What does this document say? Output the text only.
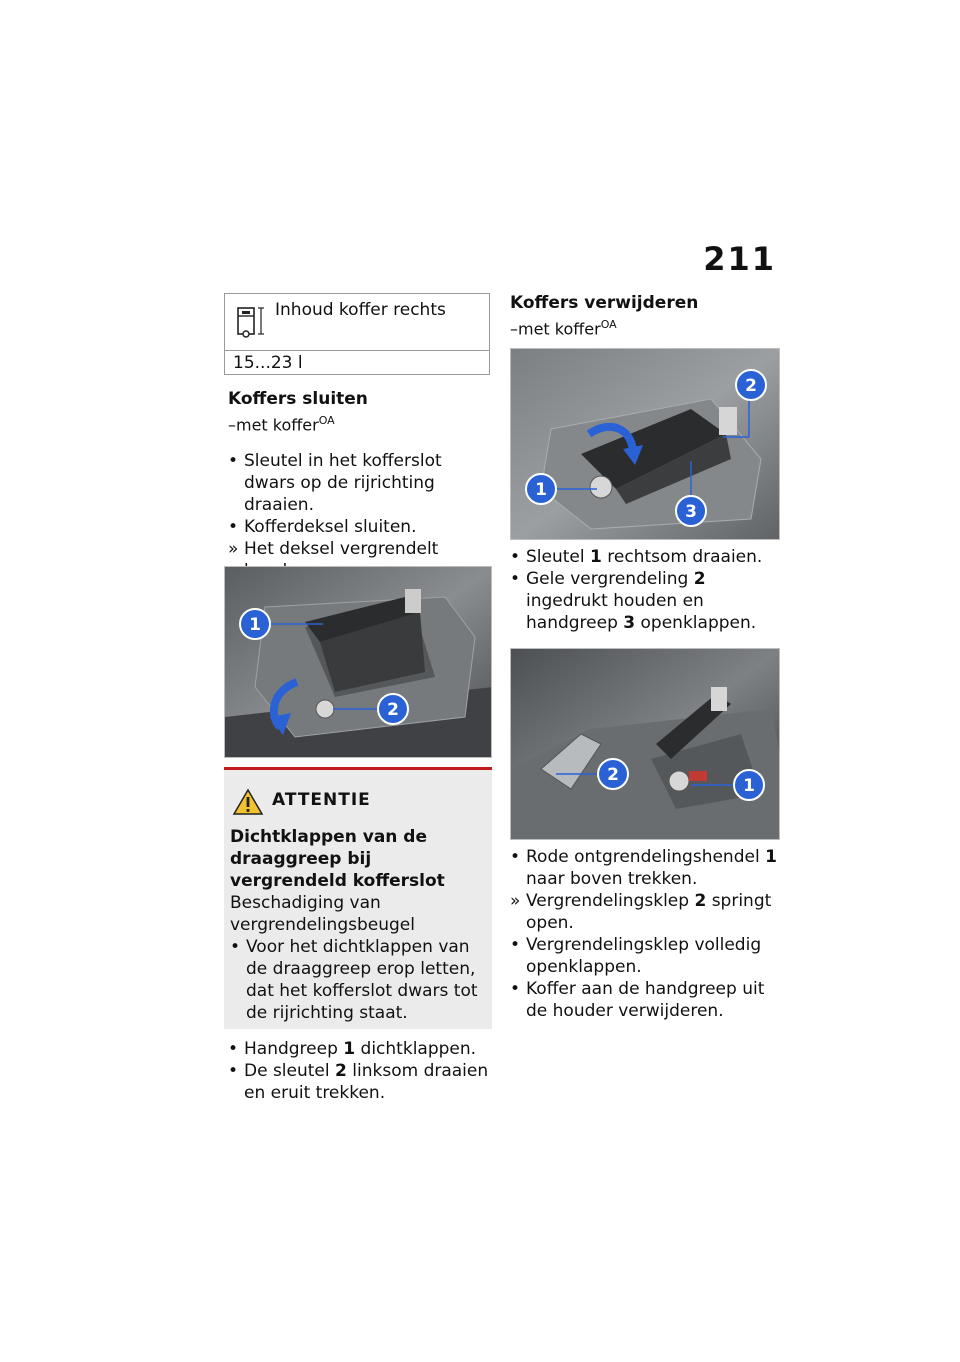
211
Inhoud koffer rechts
15...23 l
Koffers sluiten
–met koffer$^{OA}$

• Sleutel in het kofferslot dwars op de rijrichting draaien.

• Kofferdeksel sluiten.

» Het deksel vergrendelt

1
2
ATTENTIE
Dichtklappen van de draaggreep bij vergrendeld kofferslot
Beschadiging van vergrendelingsbeugel

• Voor het dichtklappen van de draaggreep erop letten, dat het kofferslot dwars tot de rijrichting staat.

• Handgreep 1 dichtklappen.

• De sleutel 2 linksom draaien en eruit trekken.

Koffers verwijderen
–met koffer$^{OA}$
1
2
3

• Sleutel 1 rechtsom draaien.

• Gele vergrendeling 2 ingedrukt houden en handgreep 3 openklappen.

2
1

• Rode ontgrendelingshendel 1 naar boven trekken.

» Vergrendelingsklep 2 springt open.

• Vergrendelingsklep volledig openklappen.

• Koffer aan de handgreep uit de houder verwijderen.
